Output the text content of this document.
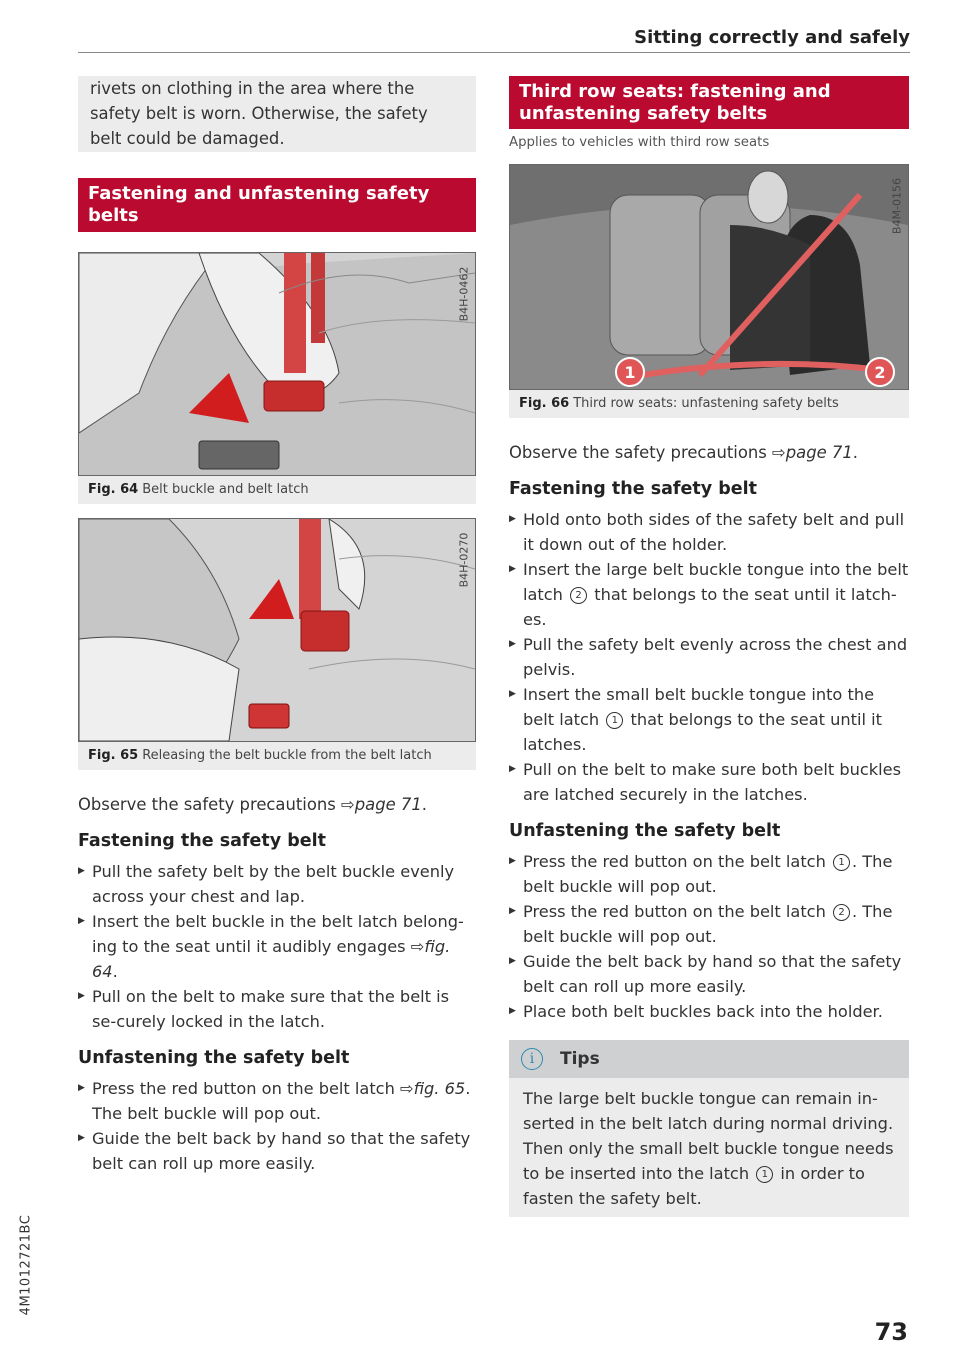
Sitting correctly and safely
4M1012721BC

rivets on clothing in the area where the safety belt is worn. Otherwise, the safety belt could be damaged.

Fastening and unfastening safety belts
B4H-0462
Fig. 64 Belt buckle and belt latch
B4H-0270
Fig. 65 Releasing the belt buckle from the belt latch

Observe the safety precautions ⇨page 71.

Fastening the safety belt
▶ Pull the safety belt by the belt buckle evenly across your chest and lap.
▶ Insert the belt buckle in the belt latch belong-ing to the seat until it audibly engages ⇨fig. 64.
▶ Pull on the belt to make sure that the belt is se-curely locked in the latch.
Unfastening the safety belt
▶ Press the red button on the belt latch ⇨fig. 65. The belt buckle will pop out.
▶ Guide the belt back by hand so that the safety belt can roll up more easily.
Third row seats: fastening and unfastening safety belts

Applies to vehicles with third row seats

1	2
B4M-0156
Fig. 66 Third row seats: unfastening safety belts

Observe the safety precautions ⇨page 71.

Fastening the safety belt
▶ Hold onto both sides of the safety belt and pull it down out of the holder.
▶ Insert the large belt buckle tongue into the belt latch 2 that belongs to the seat until it latch-es.
▶ Pull the safety belt evenly across the chest and pelvis.
▶ Insert the small belt buckle tongue into the belt latch 1 that belongs to the seat until it latches.
▶ Pull on the belt to make sure both belt buckles are latched securely in the latches.
Unfastening the safety belt
▶ Press the red button on the belt latch 1 . The belt buckle will pop out.
▶ Press the red button on the belt latch 2 . The belt buckle will pop out.
▶ Guide the belt back by hand so that the safety belt can roll up more easily.
▶ Place both belt buckles back into the holder.
i	Tips

The large belt buckle tongue can remain in-serted in the belt latch during normal driving. Then only the small belt buckle tongue needs to be inserted into the latch 1 in order to fasten the safety belt.

73
